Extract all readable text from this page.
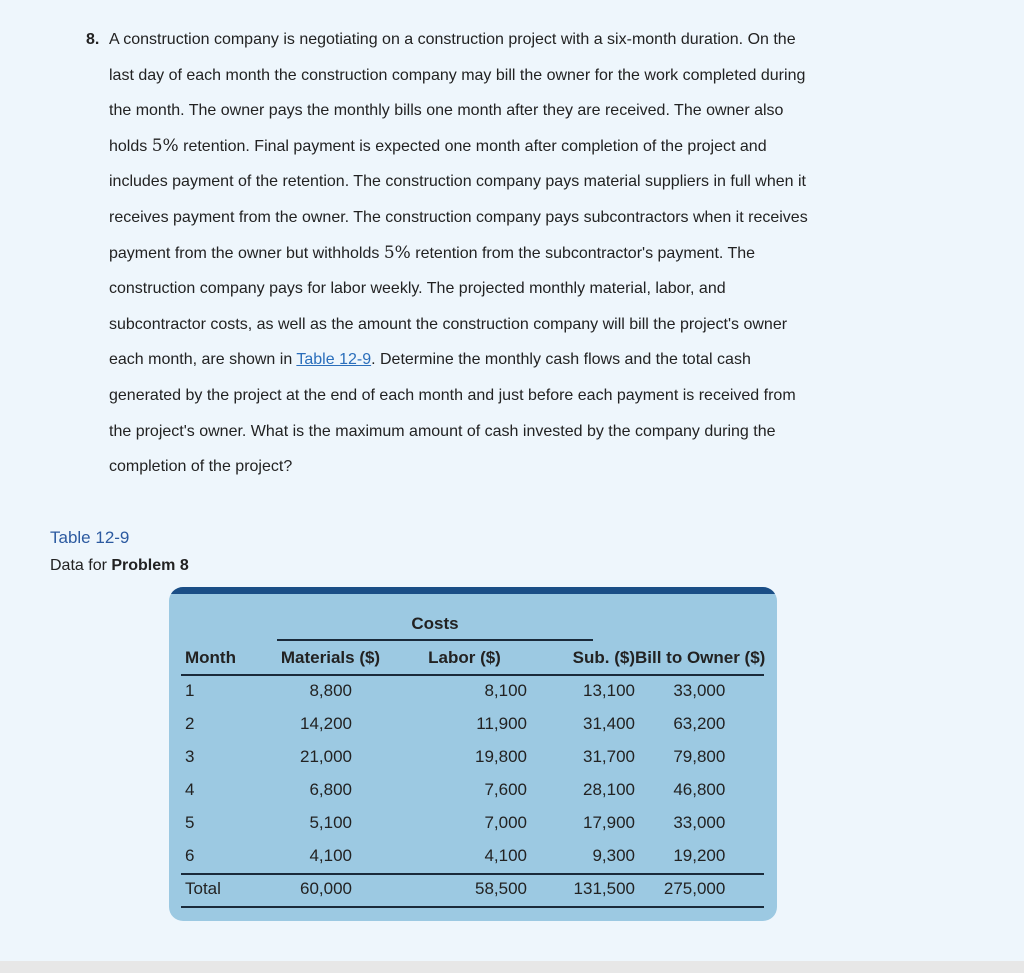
8. A construction company is negotiating on a construction project with a six-month duration. On the
last day of each month the construction company may bill the owner for the work completed during
the month. The owner pays the monthly bills one month after they are received. The owner also
holds 5% retention. Final payment is expected one month after completion of the project and
includes payment of the retention. The construction company pays material suppliers in full when it
receives payment from the owner. The construction company pays subcontractors when it receives
payment from the owner but withholds 5% retention from the subcontractor's payment. The
construction company pays for labor weekly. The projected monthly material, labor, and
subcontractor costs, as well as the amount the construction company will bill the project's owner
each month, are shown in Table 12-9. Determine the monthly cash flows and the total cash
generated by the project at the end of each month and just before each payment is received from
the project's owner. What is the maximum amount of cash invested by the company during the
completion of the project?
Table 12-9
Data for Problem 8
Costs
Month	Materials ($)	Labor ($)	Sub. ($)	Bill to Owner ($)
1	8,800	8,100	13,100	33,000
2	14,200	11,900	31,400	63,200
3	21,000	19,800	31,700	79,800
4	6,800	7,600	28,100	46,800
5	5,100	7,000	17,900	33,000
6	4,100	4,100	9,300	19,200
Total	60,000	58,500	131,500	275,000
